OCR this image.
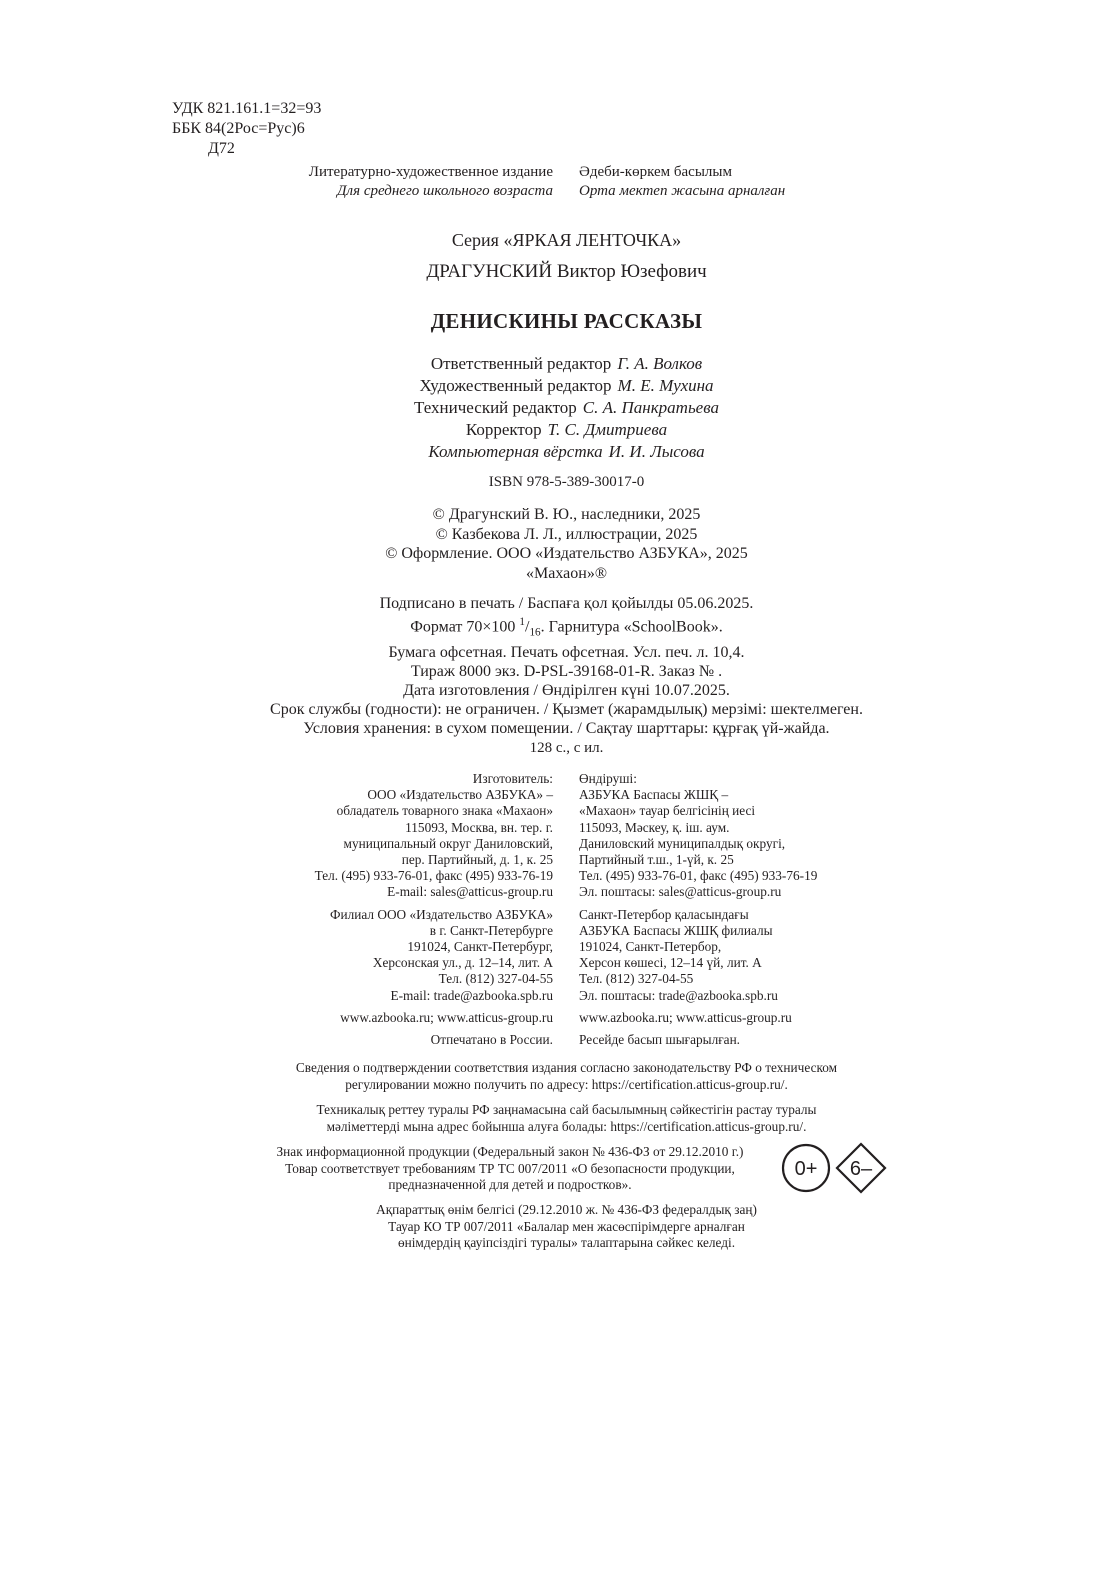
УДК 821.161.1=32=93
ББК 84(2Рос=Рус)6
Д72
Литературно-художественное издание
Для среднего школьного возраста
Әдеби-көркем басылым
Орта мектеп жасына арналған
Серия «ЯРКАЯ ЛЕНТОЧКА»
ДРАГУНСКИЙ Виктор Юзефович
ДЕНИСКИНЫ РАССКАЗЫ
Ответственный редактор Г. А. Волков
Художественный редактор М. Е. Мухина
Технический редактор С. А. Панкратьева
Корректор Т. С. Дмитриева
Компьютерная вёрстка И. И. Лысова
ISBN 978-5-389-30017-0
© Драгунский В. Ю., наследники, 2025
© Казбекова Л. Л., иллюстрации, 2025
© Оформление. ООО «Издательство АЗБУКА», 2025
«Махаон»®
Подписано в печать / Баспаға қол қойылды 05.06.2025.
Формат 70×100 $^1/_{16}$. Гарнитура «SchoolBook».
Бумага офсетная. Печать офсетная. Усл. печ. л. 10,4.
Тираж 8000 экз. D-PSL-39168-01-R. Заказ № .
Дата изготовления / Өндірілген күні 10.07.2025.
Срок службы (годности): не ограничен. / Қызмет (жарамдылық) мерзімі: шектелмеген.
Условия хранения: в сухом помещении. / Сақтау шарттары: құрғақ үй-жайда.
128 с., с ил.
Изготовитель:
ООО «Издательство АЗБУКА» –
обладатель товарного знака «Махаон»
115093, Москва, вн. тер. г.
муниципальный округ Даниловский,
пер. Партийный, д. 1, к. 25
Тел. (495) 933-76-01, факс (495) 933-76-19
E-mail: sales@atticus-group.ru
Филиал ООО «Издательство АЗБУКА»
в г. Санкт-Петербурге
191024, Санкт-Петербург,
Херсонская ул., д. 12–14, лит. А
Тел. (812) 327-04-55
E-mail: trade@azbooka.spb.ru
www.azbooka.ru; www.atticus-group.ru
Отпечатано в России.
Өндіруші:
АЗБУКА Баспасы ЖШҚ –
«Махаон» тауар белгісінің иесі
115093, Мәскеу, қ. іш. аум.
Даниловский муниципалдық округі,
Партийный т.ш., 1-үй, к. 25
Тел. (495) 933-76-01, факс (495) 933-76-19
Эл. поштасы: sales@atticus-group.ru
Санкт-Петербор қаласындағы
АЗБУКА Баспасы ЖШҚ филиалы
191024, Санкт-Петербор,
Херсон көшесі, 12–14 үй, лит. А
Тел. (812) 327-04-55
Эл. поштасы: trade@azbooka.spb.ru
www.azbooka.ru; www.atticus-group.ru
Ресейде басып шығарылған.
Сведения о подтверждении соответствия издания согласно законодательству РФ о техническом
регулировании можно получить по адресу: https://certification.atticus-group.ru/.
Техникалық реттеу туралы РФ заңнамасына сай басылымның сәйкестігін растау туралы
мәліметтерді мына адрес бойынша алуға болады: https://certification.atticus-group.ru/.
Знак информационной продукции (Федеральный закон № 436-ФЗ от 29.12.2010 г.)
Товар соответствует требованиям ТР ТС 007/2011 «О безопасности продукции,
предназначенной для детей и подростков».
Ақпараттық өнім белгісі (29.12.2010 ж. № 436-ФЗ федералдық заң)
Тауар КО ТР 007/2011 «Балалар мен жасөспірімдерге арналған
өнімдердің қауіпсіздігі туралы» талаптарына сәйкес келеді.
0+ 6–
